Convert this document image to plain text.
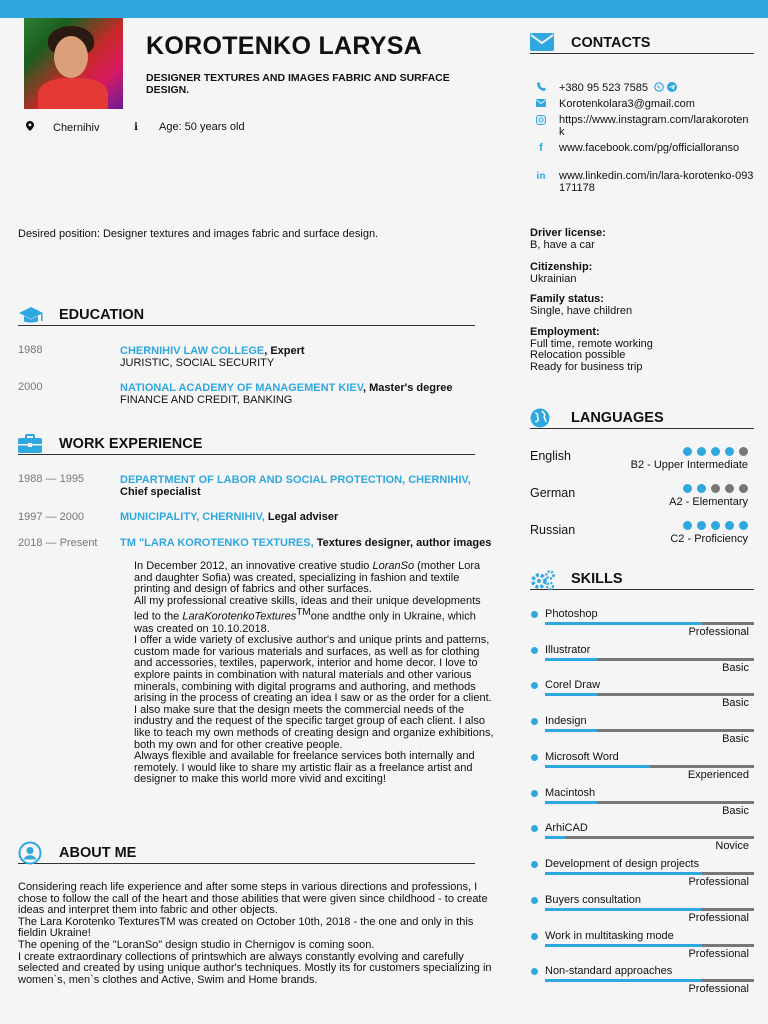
KOROTENKO LARYSA
DESIGNER TEXTURES AND IMAGES FABRIC AND SURFACE DESIGN.
Chernihiv	i Age: 50 years old
Desired position: Designer textures and images fabric and surface design.
EDUCATION
1988	CHERNIHIV LAW COLLEGE, Expert
JURISTIC, SOCIAL SECURITY
2000	NATIONAL ACADEMY OF MANAGEMENT KIEV, Master's degree
FINANCE AND CREDIT, BANKING
WORK EXPERIENCE
1988 — 1995	DEPARTMENT OF LABOR AND SOCIAL PROTECTION, CHERNIHIV,
Chief specialist
1997 — 2000	MUNICIPALITY, CHERNIHIV, Legal adviser
2018 — Present TM "LARA KOROTENKO TEXTURES, Textures designer, author images
In December 2012, an innovative creative studio LoranSo (mother Lora and daughter Sofia) was created, specializing in fashion and textile printing and design of fabrics and other surfaces.
All my professional creative skills, ideas and their unique developments led to the LaraKorotenkoTextures™one andthe only in Ukraine, which was created on 10.10.2018.
I offer a wide variety of exclusive author's and unique prints and patterns, custom made for various materials and surfaces, as well as for clothing and accessories, textiles, paperwork, interior and home decor. I love to explore paints in combination with natural materials and other various minerals, combining with digital programs and authoring, and methods arising in the process of creating an idea I saw or as the order for a client. I also make sure that the design meets the commercial needs of the industry and the request of the specific target group of each client. I also like to teach my own methods of creating design and organize exhibitions, both my own and for other creative people.
Always flexible and available for freelance services both internally and remotely. I would like to share my artistic flair as a freelance artist and designer to make this world more vivid and exciting!
ABOUT ME
Considering reach life experience and after some steps in various directions and professions, I chose to follow the call of the heart and those abilities that were given since childhood - to create ideas and interpret them into fabric and other objects.
The Lara Korotenko TexturesTM was created on October 10th, 2018 - the one and only in this fieldin Ukraine!
The opening of the "LoranSo" design studio in Chernigov is coming soon.
I create extraordinary collections of printswhich are always constantly evolving and carefully selected and created by using unique author's techniques. Mostly its for customers specializing in women`s, men`s clothes and Active, Swim and Home brands.
CONTACTS
+380 95 523 7585
Korotenkolara3@gmail.com
https://www.instagram.com/larakorotenk
f www.facebook.com/pg/officialloranso
in www.linkedin.com/in/lara-korotenko-093171178
Driver license:
B, have a car
Citizenship:
Ukrainian
Family status:
Single, have children
Employment:
Full time, remote working
Relocation possible
Ready for business trip
LANGUAGES
English
B2 - Upper Intermediate
German
A2 - Elementary
Russian
C2 - Proficiency
SKILLS
Photoshop
Professional
Illustrator
Basic
Corel Draw
Basic
Indesign
Basic
Microsoft Word
Experienced
Macintosh
Basic
ArhiCAD
Novice
Development of design projects
Professional
Buyers consultation
Professional
Work in multitasking mode
Professional
Non-standard approaches
Professional
